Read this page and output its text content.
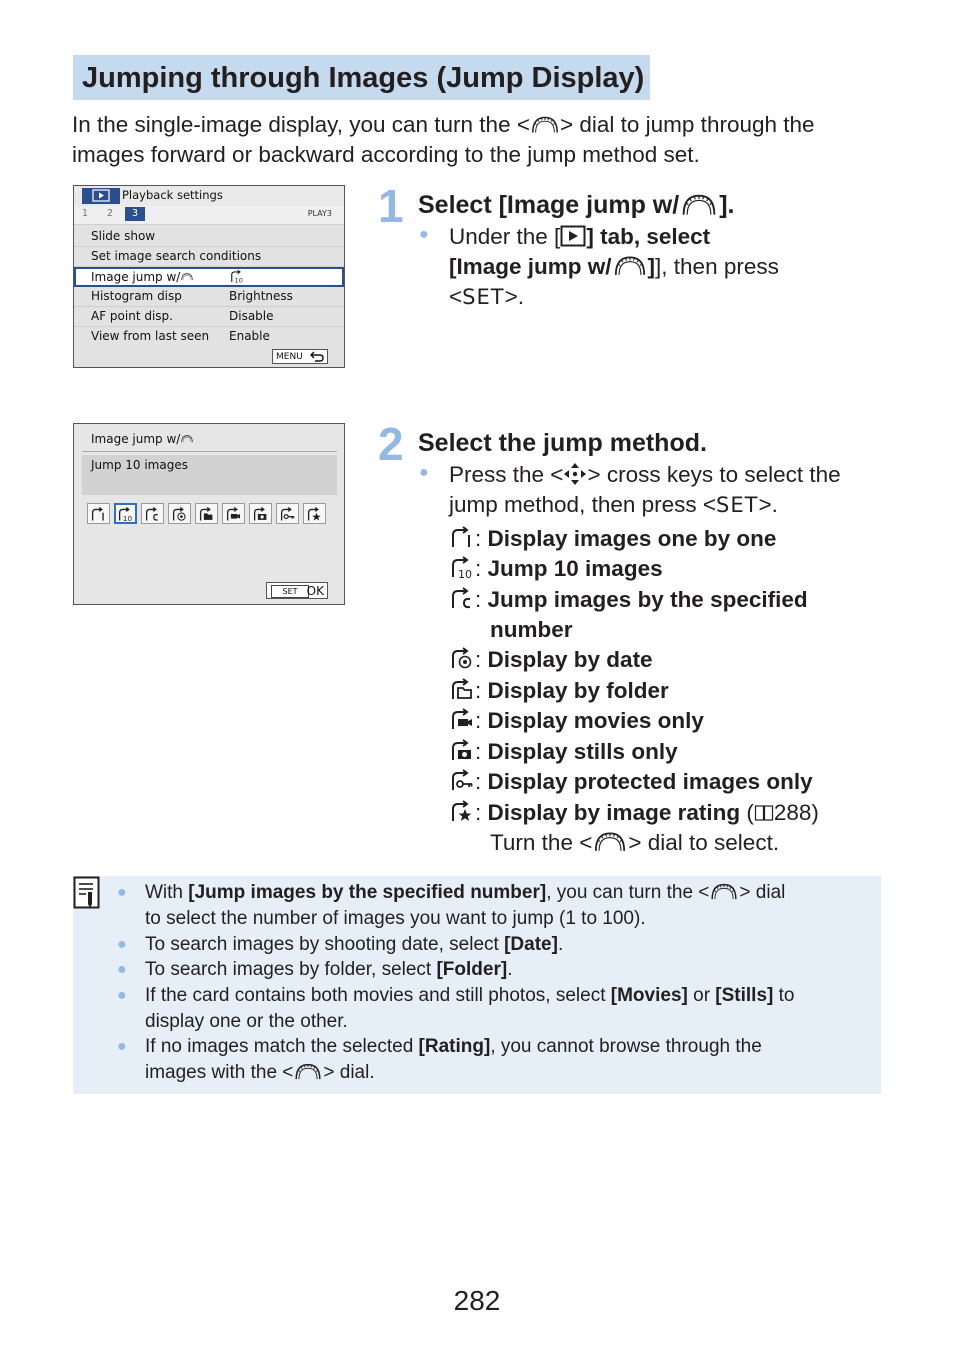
Jumping through Images (Jump Display)
In the single-image display, you can turn the < > dial to jump through the
images forward or backward according to the jump method set.
Playback settings
1 2	3	PLAY3
Slide show
Set image search conditions
Image jump w/	10
Histogram disp	Brightness
AF point disp.	Disable
View from last seen Enable
MENU
Image jump w/
Jump 10 images
10
SET OK
1 Select [Image jump w/ ].
● Under the [ ] tab, select
[Image jump w/ ]], then press
<SET>.
2 Select the jump method.
● Press the < > cross keys to select the
jump method, then press <SET>.
: Display images one by one
10 : Jump 10 images
: Jump images by the specified
number
: Display by date
: Display by folder
: Display movies only
: Display stills only
: Display protected images only
: Display by image rating ( 288)
Turn the < > dial to select.
● With [Jump images by the specified number], you can turn the < > dial
to select the number of images you want to jump (1 to 100).
● To search images by shooting date, select [Date].
● To search images by folder, select [Folder].
● If the card contains both movies and still photos, select [Movies] or [Stills] to
display one or the other.
● If no images match the selected [Rating], you cannot browse through the
images with the < > dial.
282
